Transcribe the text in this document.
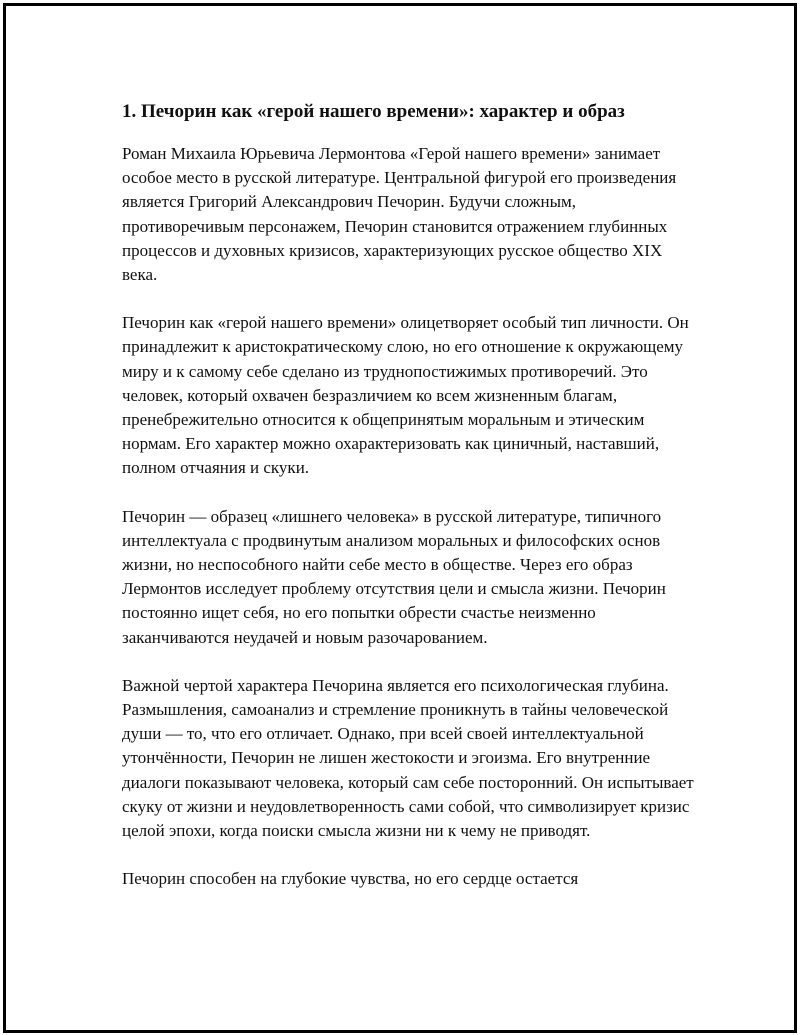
1. Печорин как «герой нашего времени»: характер и образ

Роман Михаила Юрьевича Лермонтова «Герой нашего времени» занимает особое место в русской литературе. Центральной фигурой его произведения является Григорий Александрович Печорин. Будучи сложным, противоречивым персонажем, Печорин становится отражением глубинных процессов и духовных кризисов, характеризующих русское общество XIX века.

Печорин как «герой нашего времени» олицетворяет особый тип личности. Он принадлежит к аристократическому слою, но его отношение к окружающему миру и к самому себе сделано из труднопостижимых противоречий. Это человек, который охвачен безразличием ко всем жизненным благам, пренебрежительно относится к общепринятым моральным и этическим нормам. Его характер можно охарактеризовать как циничный, наставший, полном отчаяния и скуки.

Печорин — образец «лишнего человека» в русской литературе, типичного интеллектуала с продвинутым анализом моральных и философских основ жизни, но неспособного найти себе место в обществе. Через его образ Лермонтов исследует проблему отсутствия цели и смысла жизни. Печорин постоянно ищет себя, но его попытки обрести счастье неизменно заканчиваются неудачей и новым разочарованием.

Важной чертой характера Печорина является его психологическая глубина. Размышления, самоанализ и стремление проникнуть в тайны человеческой души — то, что его отличает. Однако, при всей своей интеллектуальной утончённости, Печорин не лишен жестокости и эгоизма. Его внутренние диалоги показывают человека, который сам себе посторонний. Он испытывает скуку от жизни и неудовлетворенность сами собой, что символизирует кризис целой эпохи, когда поиски смысла жизни ни к чему не приводят.

Печорин способен на глубокие чувства, но его сердце остается
